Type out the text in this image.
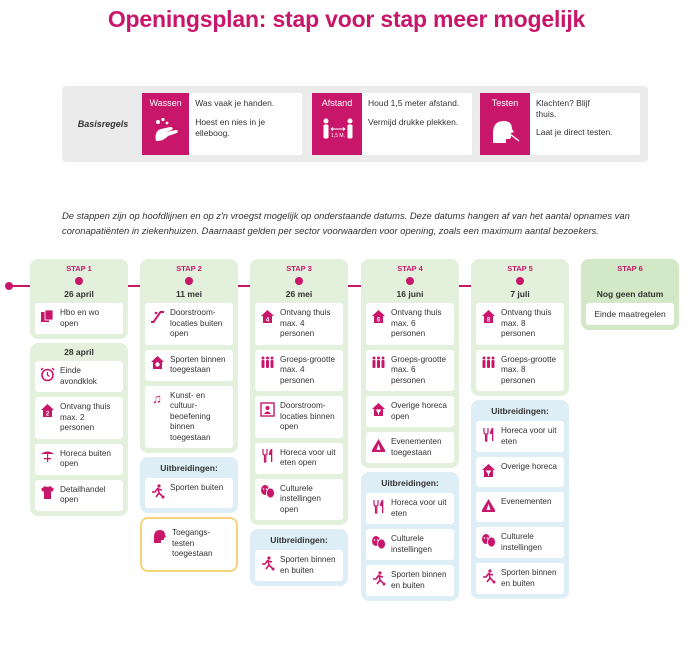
Openingsplan: stap voor stap meer mogelijk
Basisregels
Wassen	Was vaak je handen.

Hoest en nies in je elleboog.

Afstand
1,5 M.

Houd 1,5 meter afstand.

Vermijd drukke plekken.

Testen	Klachten? Blijf thuis.

Laat je direct testen.

De stappen zijn op hoofdlijnen en op z'n vroegst mogelijk op onderstaande datums. Deze datums hangen af van het aantal opnames van coronapatiënten in ziekenhuizen. Daarnaast gelden per sector voorwaarden voor opening, zoals een maximum aantal bezoekers.
STAP 1
26 april
Hbo en wo open
28 april
Einde avondklok
2
Ontvang thuis max. 2 personen
Horeca buiten open
Detailhandel open
STAP 2
11 mei
Doorstroom-locaties buiten open
Sporten binnen toegestaan
♫ Kunst- en cultuur-beoefening binnen toegestaan
Uitbreidingen:
Sporten buiten
Toegangs-testen toegestaan
STAP 3
26 mei
4
Ontvang thuis max. 4 personen
Groeps-grootte max. 4 personen
Doorstroom-locaties binnen open
Horeca voor uit eten open
Culturele instellingen open
Uitbreidingen:
Sporten binnen en buiten
STAP 4
16 juni
6
Ontvang thuis max. 6 personen
Groeps-grootte max. 6 personen
Overige horeca open
Evenementen toegestaan
Uitbreidingen:
Horeca voor uit eten
Culturele instellingen
Sporten binnen en buiten
STAP 5
7 juli
8
Ontvang thuis max. 8 personen
Groeps-grootte max. 8 personen
Uitbreidingen:
Horeca voor uit eten
Overige horeca
Evenementen
Culturele instellingen
Sporten binnen en buiten
STAP 6
Nog geen datum
Einde maatregelen
